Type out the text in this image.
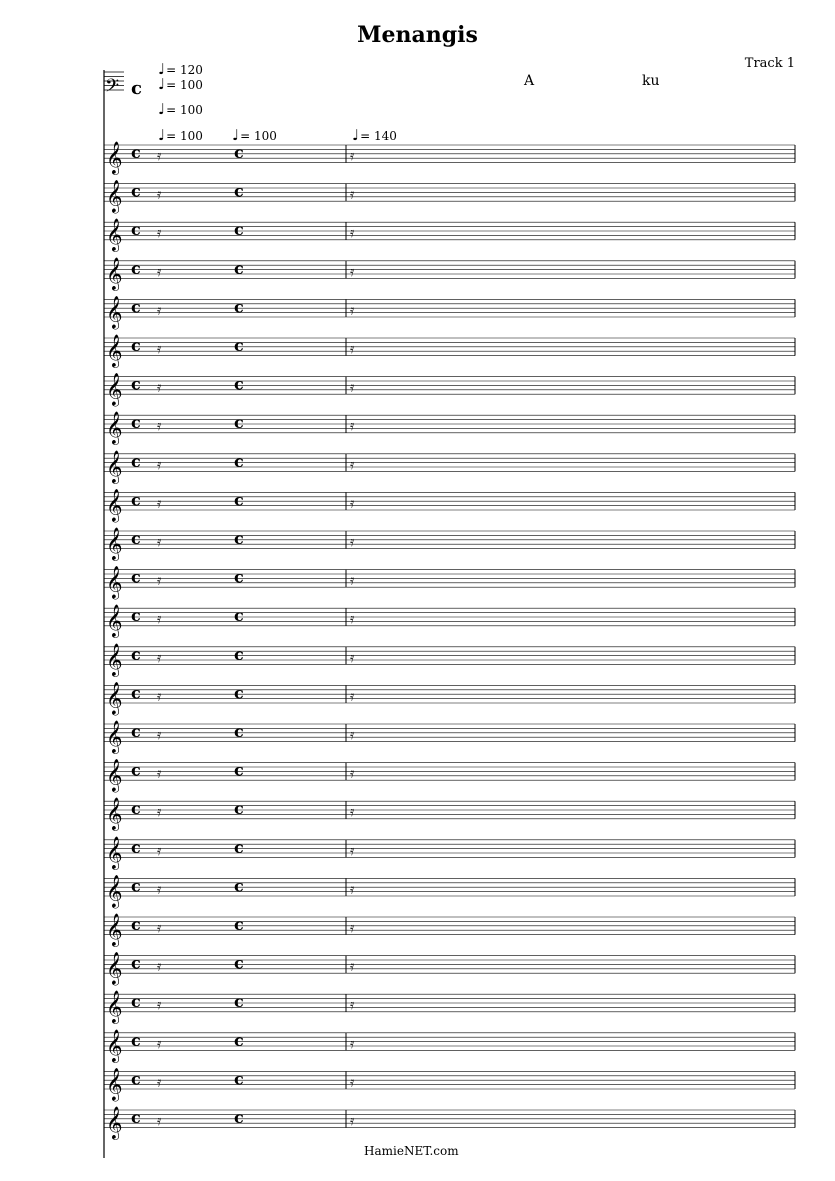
Menangis
Track 1
A	ku
♩= 120
♩= 100
♩= 100
♩= 100 ♩= 100	♩= 140
𝄢 c
𝄞 c	c
𝄿	𝄿
𝄞 c	c
𝄿	𝄿
𝄞 c	c
𝄿	𝄿
𝄞 c	c
𝄿	𝄿
𝄞 c	c
𝄿	𝄿
𝄞 c	c
𝄿	𝄿
𝄞 c	c
𝄿	𝄿
𝄞 c	c
𝄿	𝄿
𝄞 c	c
𝄿	𝄿
𝄞 c	c
𝄿	𝄿
𝄞 c	c
𝄿	𝄿
𝄞 c	c
𝄿	𝄿
𝄞 c	c
𝄿	𝄿
𝄞 c	c
𝄿	𝄿
𝄞 c	c
𝄿	𝄿
𝄞 c	c
𝄿	𝄿
𝄞 c	c
𝄿	𝄿
𝄞 c	c
𝄿	𝄿
𝄞 c	c
𝄿	𝄿
𝄞 c	c
𝄿	𝄿
𝄞 c	c
𝄿	𝄿
𝄞 c	c
𝄿	𝄿
𝄞 c	c
𝄿	𝄿
𝄞 c	c
𝄿	𝄿
𝄞 c	c
𝄿	𝄿
𝄞 c	c
𝄿	𝄿
HamieNET.com
